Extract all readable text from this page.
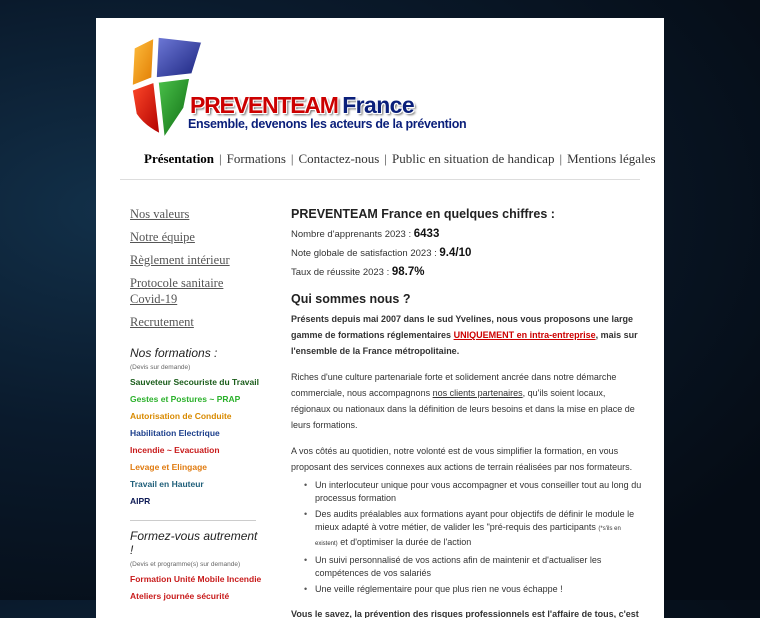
PREVENTEAM France
Ensemble, devenons les acteurs de la prévention
Présentation | Formations | Contactez-nous | Public en situation de handicap | Mentions légales
Nos valeurs
Notre équipe
Règlement intérieur
Protocole sanitaire Covid-19
Recrutement
Nos formations :
(Devis sur demande)
Sauveteur Secouriste du Travail
Gestes et Postures ~ PRAP
Autorisation de Conduite
Habilitation Electrique
Incendie ~ Evacuation
Levage et Elingage
Travail en Hauteur
AIPR
Formez-vous autrement !
(Devis et programme(s) sur demande)
Formation Unité Mobile Incendie
Ateliers journée sécurité
PREVENTEAM France en quelques chiffres :
Nombre d'apprenants 2023 : 6433
Note globale de satisfaction 2023 : 9.4/10
Taux de réussite 2023 : 98.7%
Qui sommes nous ?
Présents depuis mai 2007 dans le sud Yvelines, nous vous proposons une large gamme de formations réglementaires UNIQUEMENT en intra-entreprise, mais sur l'ensemble de la France métropolitaine.
Riches d'une culture partenariale forte et solidement ancrée dans notre démarche commerciale, nous accompagnons nos clients partenaires, qu'ils soient locaux, régionaux ou nationaux dans la définition de leurs besoins et dans la mise en place de leurs formations.
A vos côtés au quotidien, notre volonté est de vous simplifier la formation, en vous proposant des services connexes aux actions de terrain réalisées par nos formateurs.
• Un interlocuteur unique pour vous accompagner et vous conseiller tout au long du processus formation
• Des audits préalables aux formations ayant pour objectifs de définir le module le mieux adapté à votre métier, de valider les "pré-requis des participants (*s'ils en existent) et d'optimiser la durée de l'action
• Un suivi personnalisé de vos actions afin de maintenir et d'actualiser les compétences de vos salariés
• Une veille réglementaire pour que plus rien ne vous échappe !
Vous le savez, la prévention des risques professionnels est l'affaire de tous, c'est
